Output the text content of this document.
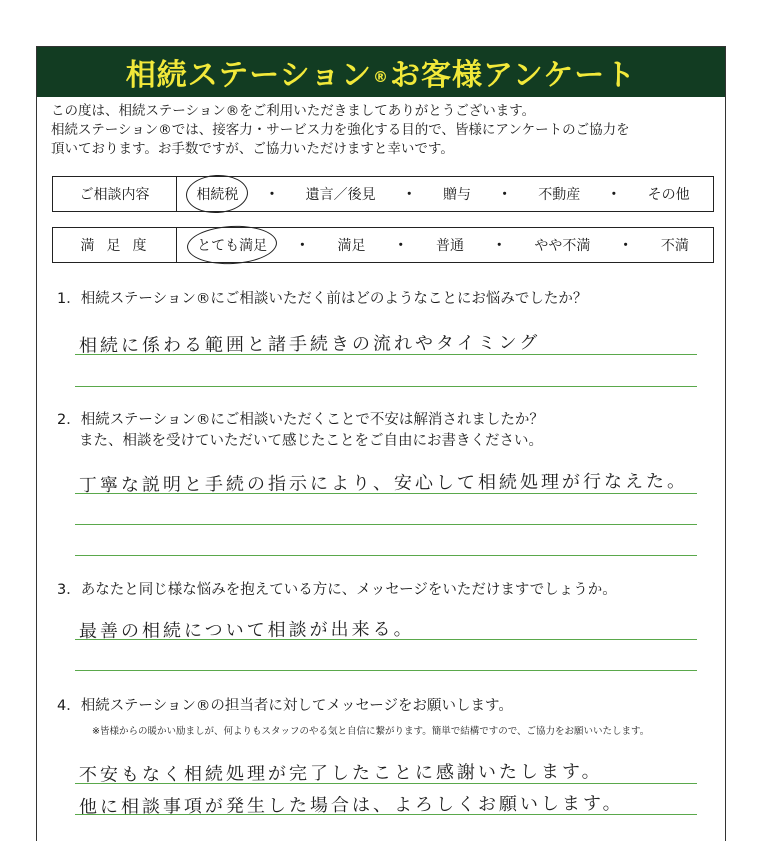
相続ステーション®お客様アンケート

この度は、相続ステーション®をご利用いただきましてありがとうございます。

相続ステーション®では、接客力・サービス力を強化する目的で、皆様にアンケートのご協力を

頂いております。お手数ですが、ご協力いただけますと幸いです。

ご相談内容	相続税 ・ 遺言／後見 ・ 贈与 ・ 不動産 ・ その他
満足度	とても満足 ・ 満足 ・ 普通 ・ やや不満 ・ 不満

1．相続ステーション®にご相談いただく前はどのようなことにお悩みでしたか？

相続に係わる範囲と諸手続きの流れやタイミング

2．相続ステーション®にご相談いただくことで不安は解消されましたか？

また、相談を受けていただいて感じたことをご自由にお書きください。

丁寧な説明と手続の指示により、安心して相続処理が行なえた。

3．あなたと同じ様な悩みを抱えている方に、メッセージをいただけますでしょうか。

最善の相続について相談が出来る。

4．相続ステーション®の担当者に対してメッセージをお願いします。

※皆様からの暖かい励ましが、何よりもスタッフのやる気と自信に繋がります。簡単で結構ですので、ご協力をお願いいたします。
不安もなく相続処理が完了したことに感謝いたします。
他に相談事項が発生した場合は、よろしくお願いします。
